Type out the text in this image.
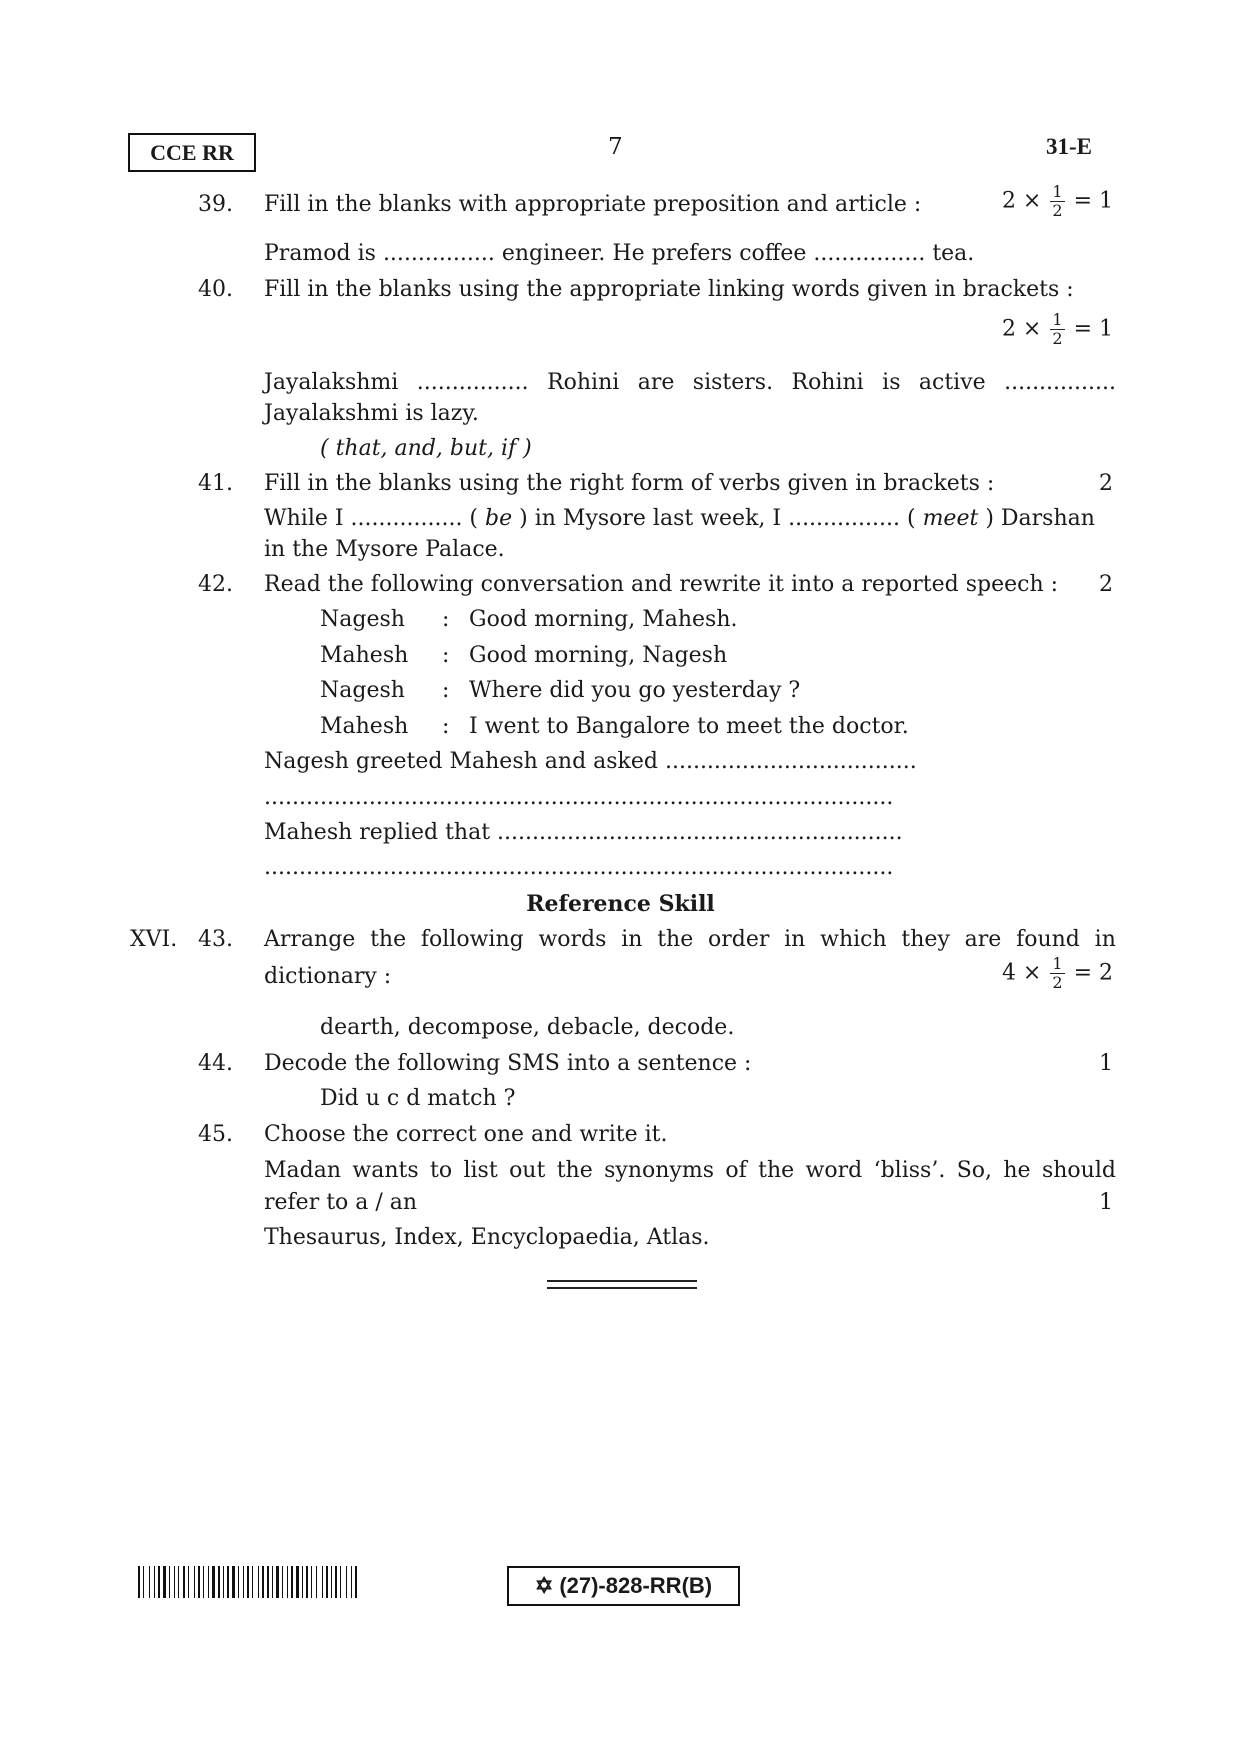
CCE RR	7	31-E
39. Fill in the blanks with appropriate preposition and article :	$2 \times \frac{1}{2} = 1$
Pramod is ................ engineer. He prefers coffee ................ tea.
40. Fill in the blanks using the appropriate linking words given in brackets :
$2 \times \frac{1}{2} = 1$
Jayalakshmi ................ Rohini are sisters. Rohini is active ................
Jayalakshmi is lazy.
( that, and, but, if )
41. Fill in the blanks using the right form of verbs given in brackets :	2
While I ................ ( be ) in Mysore last week, I ................ ( meet ) Darshan
in the Mysore Palace.
42. Read the following conversation and rewrite it into a reported speech : 2
Nagesh : Good morning, Mahesh.
Mahesh : Good morning, Nagesh
Nagesh : Where did you go yesterday ?
Mahesh : I went to Bangalore to meet the doctor.
Nagesh greeted Mahesh and asked ....................................
..........................................................................................
Mahesh replied that ..........................................................
..........................................................................................
Reference Skill
XVI. 43. Arrange the following words in the order in which they are found in
dictionary :	$4 \times \frac{1}{2} = 2$
dearth, decompose, debacle, decode.
44. Decode the following SMS into a sentence :	1
Did u c d match ?
45. Choose the correct one and write it.
Madan wants to list out the synonyms of the word ‘bliss’. So, he should
refer to a / an	1
Thesaurus, Index, Encyclopaedia, Atlas.
✡ (27)-828-RR(B)
